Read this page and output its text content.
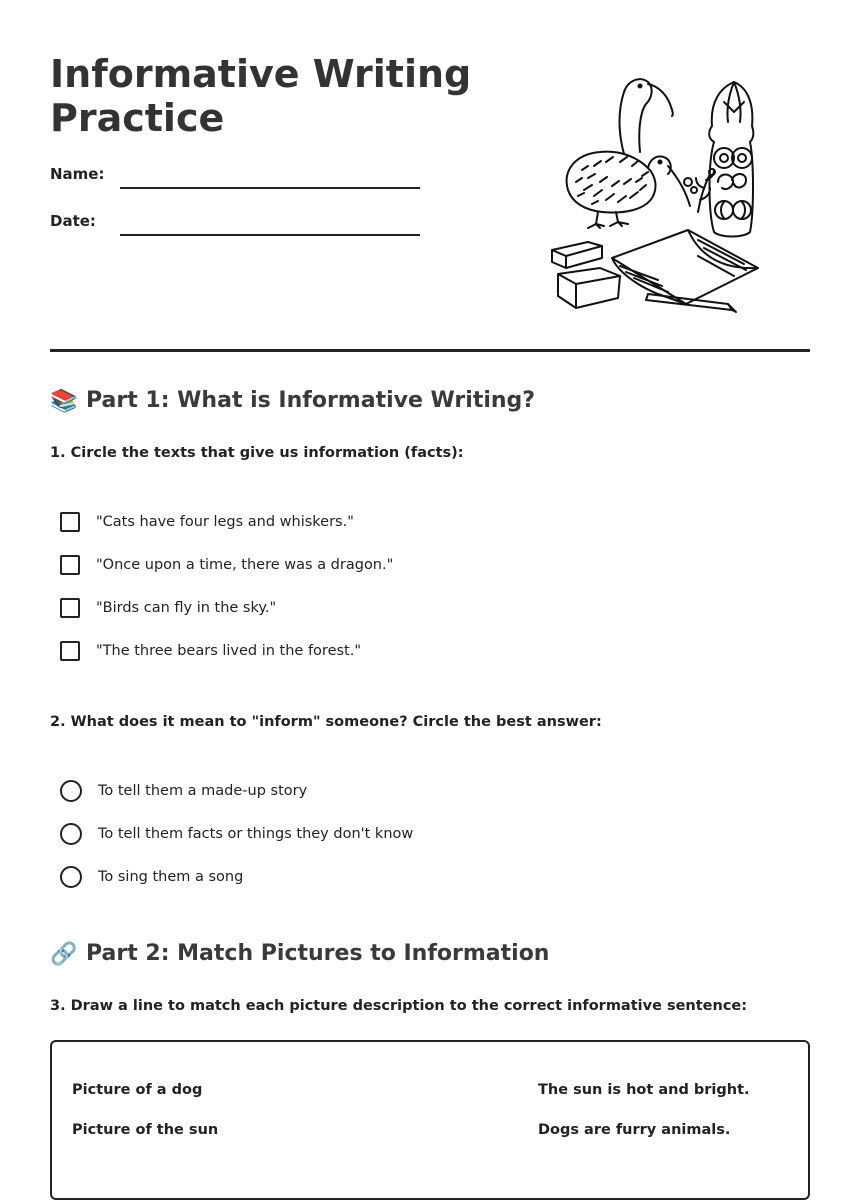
Informative Writing
Practice
Name:
Date:
📚 Part 1: What is Informative Writing?

1. Circle the texts that give us information (facts):

"Cats have four legs and whiskers."
"Once upon a time, there was a dragon."
"Birds can fly in the sky."
"The three bears lived in the forest."

2. What does it mean to "inform" someone? Circle the best answer:

To tell them a made-up story
To tell them facts or things they don't know
To sing them a song
🔗 Part 2: Match Pictures to Information

3. Draw a line to match each picture description to the correct informative sentence:

Picture of a dog
Picture of the sun
The sun is hot and bright.
Dogs are furry animals.
